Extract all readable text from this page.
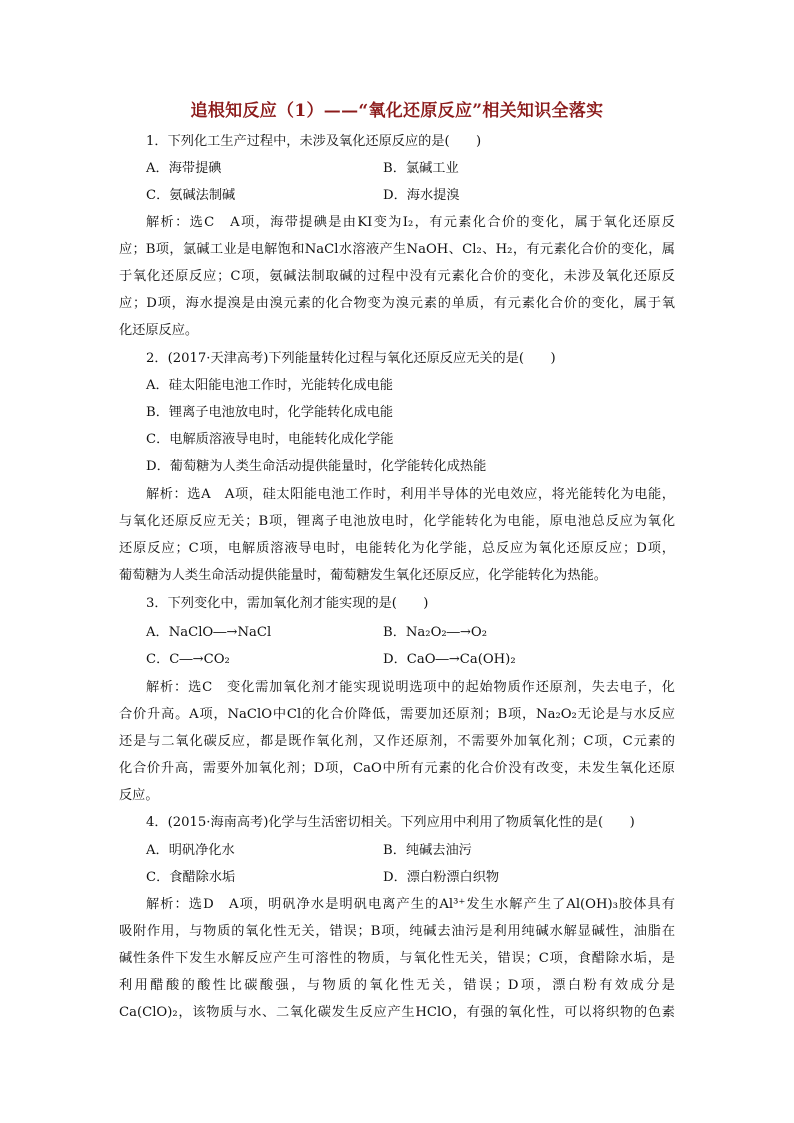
追根知反应（1）——“氧化还原反应”相关知识全落实
1．下列化工生产过程中，未涉及氧化还原反应的是(　　)
A．海带提碘	B．氯碱工业
C．氨碱法制碱	D．海水提溴
解析：选C　A项，海带提碘是由KI变为I₂，有元素化合价的变化，属于氧化还原反
应；B项，氯碱工业是电解饱和NaCl水溶液产生NaOH、Cl₂、H₂，有元素化合价的变化，属
于氧化还原反应；C项，氨碱法制取碱的过程中没有元素化合价的变化，未涉及氧化还原反
应；D项，海水提溴是由溴元素的化合物变为溴元素的单质，有元素化合价的变化，属于氧
化还原反应。
2．(2017·天津高考)下列能量转化过程与氧化还原反应无关的是(　　)
A．硅太阳能电池工作时，光能转化成电能
B．锂离子电池放电时，化学能转化成电能
C．电解质溶液导电时，电能转化成化学能
D．葡萄糖为人类生命活动提供能量时，化学能转化成热能
解析：选A　A项，硅太阳能电池工作时，利用半导体的光电效应，将光能转化为电能，
与氧化还原反应无关；B项，锂离子电池放电时，化学能转化为电能，原电池总反应为氧化
还原反应；C项，电解质溶液导电时，电能转化为化学能，总反应为氧化还原反应；D项，
葡萄糖为人类生命活动提供能量时，葡萄糖发生氧化还原反应，化学能转化为热能。
3．下列变化中，需加氧化剂才能实现的是(　　)
A．NaClO―→NaCl	B．Na₂O₂―→O₂
C．C―→CO₂	D．CaO―→Ca(OH)₂
解析：选C　变化需加氧化剂才能实现说明选项中的起始物质作还原剂，失去电子，化
合价升高。A项，NaClO中Cl的化合价降低，需要加还原剂；B项，Na₂O₂无论是与水反应
还是与二氧化碳反应，都是既作氧化剂，又作还原剂，不需要外加氧化剂；C项，C元素的
化合价升高，需要外加氧化剂；D项，CaO中所有元素的化合价没有改变，未发生氧化还原
反应。
4．(2015·海南高考)化学与生活密切相关。下列应用中利用了物质氧化性的是(　　)
A．明矾净化水	B．纯碱去油污
C．食醋除水垢	D．漂白粉漂白织物
解析：选D　A项，明矾净水是明矾电离产生的Al³⁺发生水解产生了Al(OH)₃胶体具有
吸附作用，与物质的氧化性无关，错误；B项，纯碱去油污是利用纯碱水解显碱性，油脂在
碱性条件下发生水解反应产生可溶性的物质，与氧化性无关，错误；C项，食醋除水垢，是
利用醋酸的酸性比碳酸强，与物质的氧化性无关，错误；D项，漂白粉有效成分是
Ca(ClO)₂，该物质与水、二氧化碳发生反应产生HClO，有强的氧化性，可以将织物的色素
